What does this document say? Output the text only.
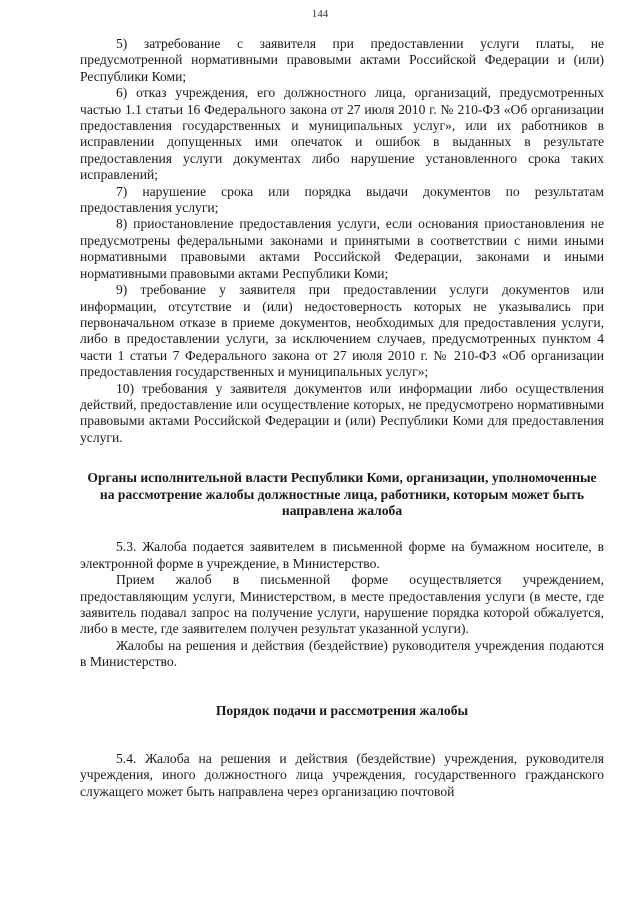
144

5) затребование с заявителя при предоставлении услуги платы, не предусмотренной нормативными правовыми актами Российской Федерации и (или) Республики Коми;

6) отказ учреждения, его должностного лица, организаций, предусмотренных частью 1.1 статьи 16 Федерального закона от 27 июля 2010 г. № 210-ФЗ «Об организации предоставления государственных и муниципальных услуг», или их работников в исправлении допущенных ими опечаток и ошибок в выданных в результате предоставления услуги документах либо нарушение установленного срока таких исправлений;

7) нарушение срока или порядка выдачи документов по результатам предоставления услуги;

8) приостановление предоставления услуги, если основания приостановления не предусмотрены федеральными законами и принятыми в соответствии с ними иными нормативными правовыми актами Российской Федерации, законами и иными нормативными правовыми актами Республики Коми;

9) требование у заявителя при предоставлении услуги документов или информации, отсутствие и (или) недостоверность которых не указывались при первоначальном отказе в приеме документов, необходимых для предоставления услуги, либо в предоставлении услуги, за исключением случаев, предусмотренных пунктом 4 части 1 статьи 7 Федерального закона от 27 июля 2010 г. № 210-ФЗ «Об организации предоставления государственных и муниципальных услуг»;

10) требования у заявителя документов или информации либо осуществления действий, предоставление или осуществление которых, не предусмотрено нормативными правовыми актами Российской Федерации и (или) Республики Коми для предоставления услуги.

Органы исполнительной власти Республики Коми, организации, уполномоченные на рассмотрение жалобы должностные лица, работники, которым может быть направлена жалоба

5.3. Жалоба подается заявителем в письменной форме на бумажном носителе, в электронной форме в учреждение, в Министерство.

Прием жалоб в письменной форме осуществляется учреждением, предоставляющим услуги, Министерством, в месте предоставления услуги (в месте, где заявитель подавал запрос на получение услуги, нарушение порядка которой обжалуется, либо в месте, где заявителем получен результат указанной услуги).

Жалобы на решения и действия (бездействие) руководителя учреждения подаются в Министерство.

Порядок подачи и рассмотрения жалобы

5.4. Жалоба на решения и действия (бездействие) учреждения, руководителя учреждения, иного должностного лица учреждения, государственного гражданского служащего может быть направлена через организацию почтовой
